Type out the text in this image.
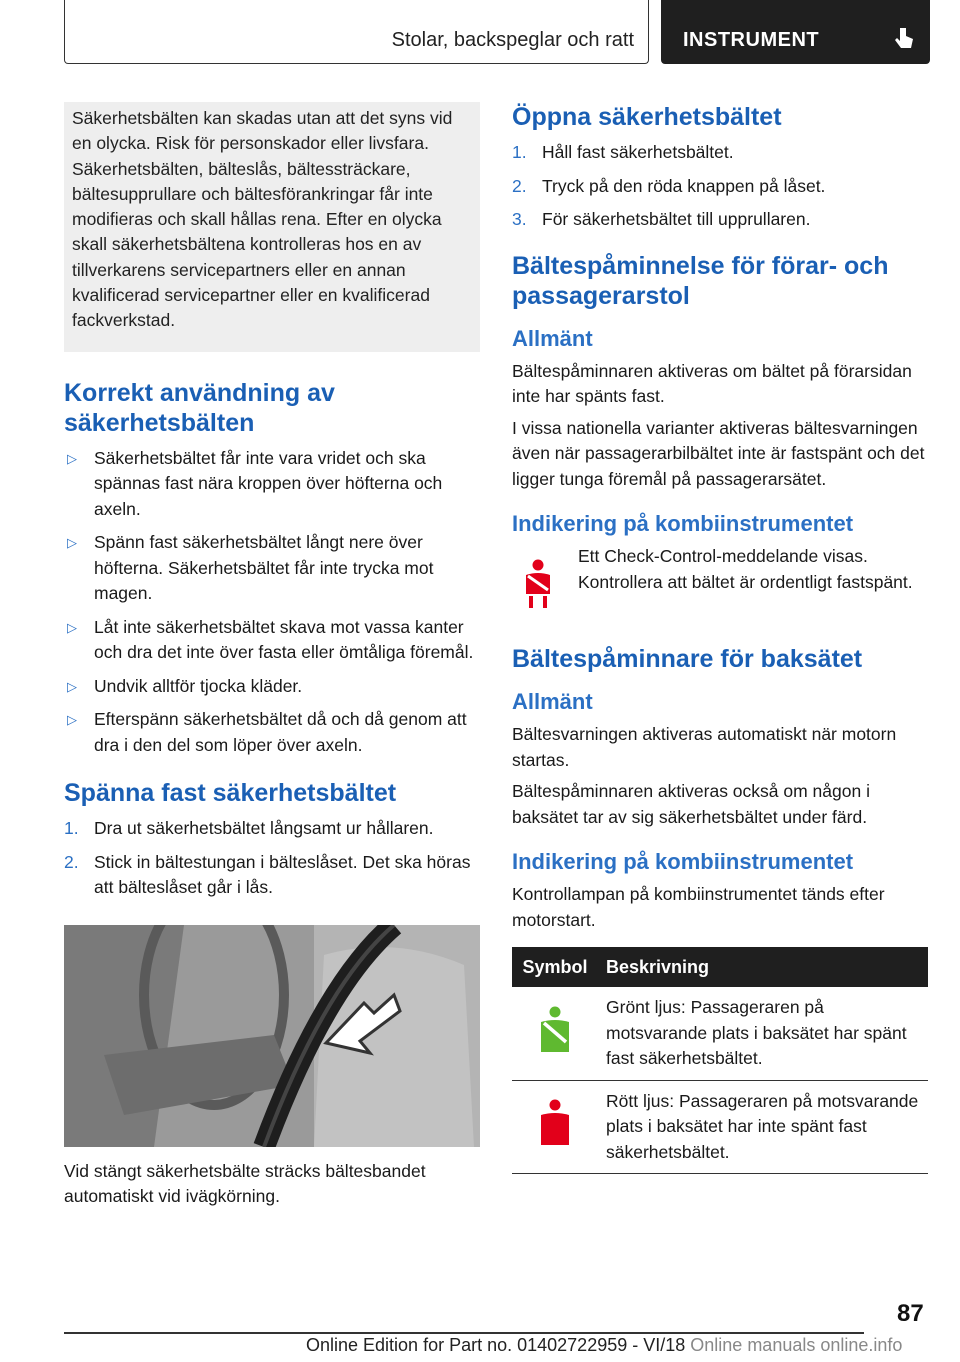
Stolar, backspeglar och ratt INSTRUMENT

Säkerhetsbälten kan skadas utan att det syns vid en olycka. Risk för personskador eller livsfara. Säkerhetsbälten, bälteslås, bältessträckare, bältesupprullare och bältesförankringar får inte modifieras och skall hållas rena. Efter en olycka skall säkerhetsbältena kontrolleras hos en av tillverkarens servicepartners eller en annan kvalificerad servicepartner eller en kvalificerad fackverkstad.

Korrekt användning av säkerhetsbälten
▷ Säkerhetsbältet får inte vara vridet och ska spännas fast nära kroppen över höfterna och axeln.
▷ Spänn fast säkerhetsbältet långt nere över höfterna. Säkerhetsbältet får inte trycka mot magen.
▷ Låt inte säkerhetsbältet skava mot vassa kanter och dra det inte över fasta eller ömtåliga föremål.
▷ Undvik alltför tjocka kläder.
▷ Efterspänn säkerhetsbältet då och då genom att dra i den del som löper över axeln.
Spänna fast säkerhetsbältet
1. Dra ut säkerhetsbältet långsamt ur hållaren.
2. Stick in bältestungan i bälteslåset. Det ska höras att bälteslåset går i lås.

Vid stängt säkerhetsbälte sträcks bältesbandet automatiskt vid ivägkörning.

Öppna säkerhetsbältet
1. Håll fast säkerhetsbältet.
2. Tryck på den röda knappen på låset.
3. För säkerhetsbältet till upprullaren.
Bältespåminnelse för förar- och passagerarstol
Allmänt

Bältespåminnaren aktiveras om bältet på förarsidan inte har spänts fast.

I vissa nationella varianter aktiveras bältesvarningen även när passagerarbilbältet inte är fastspänt och det ligger tunga föremål på passagerarsätet.

Indikering på kombiinstrumentet

Ett Check-Control-meddelande visas. Kontrollera att bältet är ordentligt fastspänt.

Bältespåminnare för baksätet
Allmänt

Bältesvarningen aktiveras automatiskt när motorn startas.

Bältespåminnaren aktiveras också om någon i baksätet tar av sig säkerhetsbältet under färd.

Indikering på kombiinstrumentet

Kontrollampan på kombiinstrumentet tänds efter motorstart.

Symbol	Beskrivning
	Grönt ljus: Passageraren på motsvarande plats i baksätet har spänt fast säkerhetsbältet.
	Rött ljus: Passageraren på motsvarande plats i baksätet har inte spänt fast säkerhetsbältet.
87
Online Edition for Part no. 01402722959 - VI/18 Online manuals online.info
